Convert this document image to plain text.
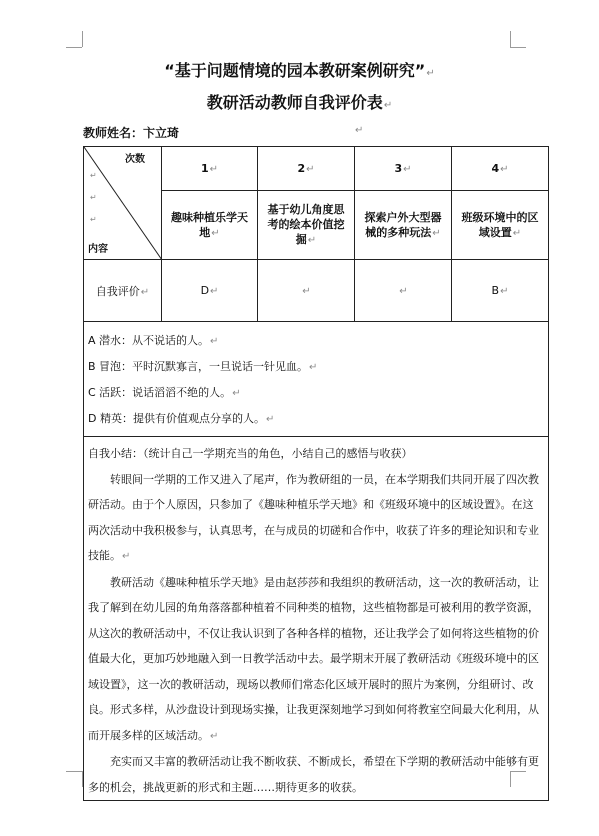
“基于问题情境的园本教研案例研究”↵
教研活动教师自我评价表↵
教师姓名：卞立琦	↵
次数
↵
↵
↵
内容	1↵	2↵	3↵	4↵
	趣味种植乐学天地↵	基于幼儿角度思考的绘本价值挖掘↵	探索户外大型器械的多种玩法↵	班级环境中的区域设置↵
自我评价↵	D↵	↵	↵	B↵

A 潜水：从不说话的人。↵
B 冒泡：平时沉默寡言，一旦说话一针见血。↵
C 活跃：说话滔滔不绝的人。↵
D 精英：提供有价值观点分享的人。↵				

自我小结：（统计自己一学期充当的角色，小结自己的感悟与收获）

转眼间一学期的工作又进入了尾声，作为教研组的一员，在本学期我们共同开展了四次教研活动。由于个人原因，只参加了《趣味种植乐学天地》和《班级环境中的区域设置》。在这两次活动中我积极参与，认真思考，在与成员的切磋和合作中，收获了许多的理论知识和专业技能。↵

教研活动《趣味种植乐学天地》是由赵莎莎和我组织的教研活动，这一次的教研活动，让我了解到在幼儿园的角角落落都种植着不同种类的植物，这些植物都是可被利用的教学资源，从这次的教研活动中，不仅让我认识到了各种各样的植物，还让我学会了如何将这些植物的价值最大化，更加巧妙地融入到一日教学活动中去。最学期末开展了教研活动《班级环境中的区域设置》，这一次的教研活动，现场以教师们常态化区域开展时的照片为案例，分组研讨、改良。形式多样，从沙盘设计到现场实操，让我更深刻地学习到如何将教室空间最大化利用，从而开展多样的区域活动。↵

充实而又丰富的教研活动让我不断收获、不断成长，希望在下学期的教研活动中能够有更多的机会，挑战更新的形式和主题……期待更多的收获。				
